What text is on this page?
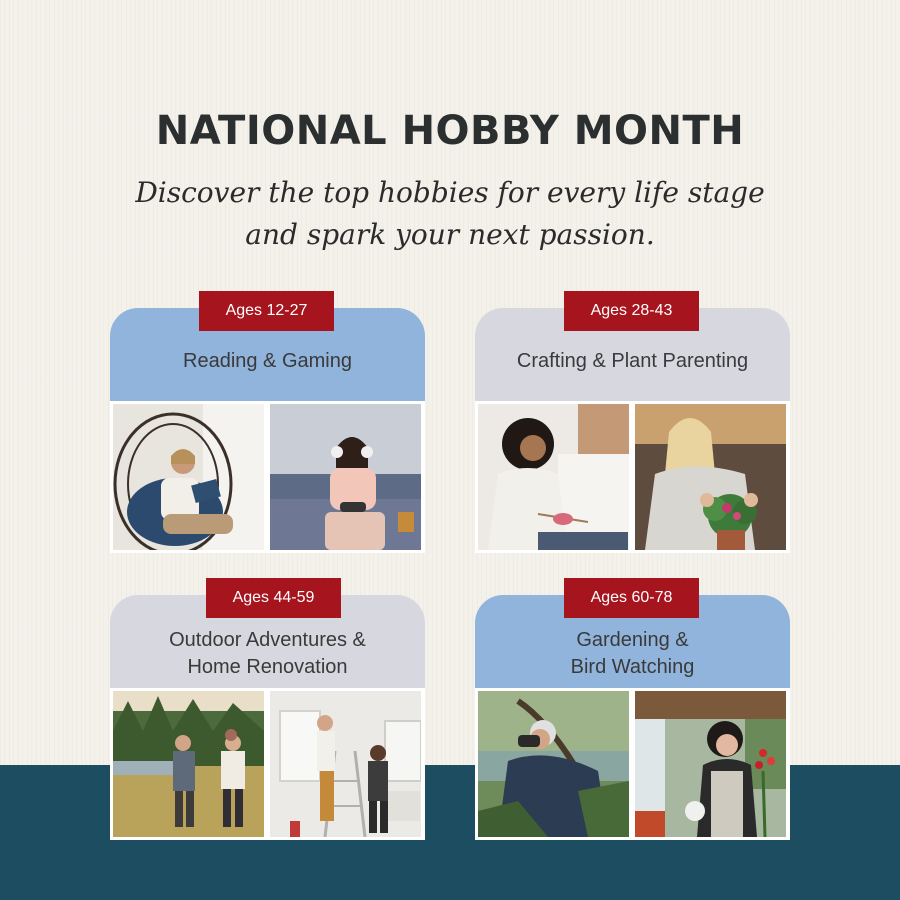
NATIONAL HOBBY MONTH
Discover the top hobbies for every life stage and spark your next passion.
Reading & Gaming
Ages 12-27
Crafting & Plant Parenting
Ages 28-43
Outdoor Adventures &
Home Renovation
Ages 44-59
Gardening &
Bird Watching
Ages 60-78
